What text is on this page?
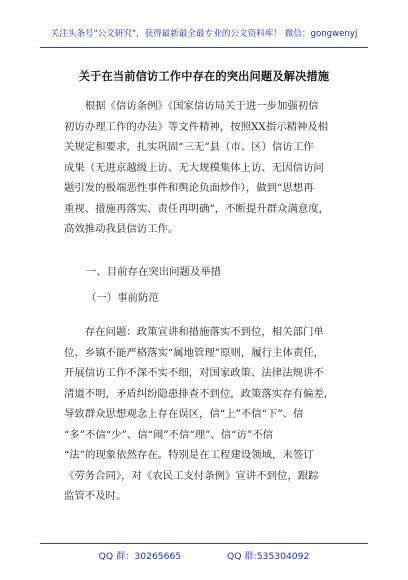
关注头条号"公文研究"，获得最新最全最专业的公文资料库！ 微信：gongwenyj
关于在当前信访工作中存在的突出问题及解决措施
　　根据《信访条例》《国家信访局关于进一步加强初信
初访办理工作的办法》等文件精神，按照XX指示精神及相
关规定和要求，扎实巩固“三无”县（市、区）信访工作
成果（无进京越级上访、无大规模集体上访、无因信访问
题引发的极端恶性事件和舆论负面炒作），做到“思想再
重视、措施再落实、责任再明确”，不断提升群众满意度，
高效推动我县信访工作。
一、目前存在突出问题及举措
（一）事前防范
　　存在问题：政策宣讲和措施落实不到位，相关部门单
位、乡镇不能严格落实“属地管理”原则，履行主体责任，
开展信访工作不深不实不细，对国家政策、法律法规讲不
清道不明，矛盾纠纷隐患排查不到位，政策落实存有偏差，
导致群众思想观念上存在误区，信“上”不信“下”、信
“多”不信“少”、信“闹”不信“理”、信“访”不信
“法”的现象依然存在。特别是在工程建设领域，未签订
《劳务合同》，对《农民工支付条例》宣讲不到位，跟踪
监管不及时。
QQ 群：30265665	QQ 群:535304092
